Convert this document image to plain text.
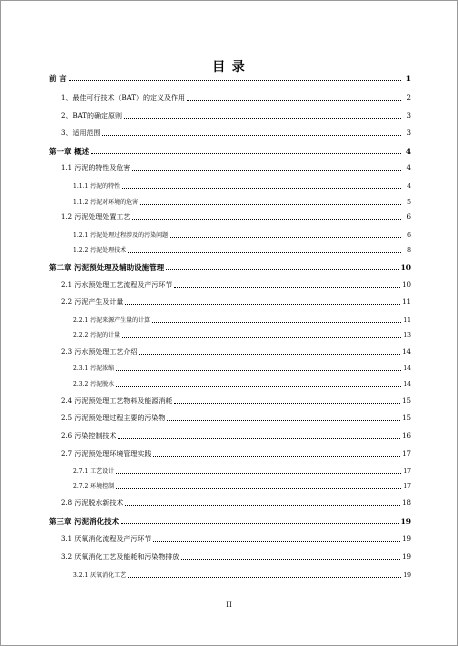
目 录
前 言	1
1、最佳可行技术（BAT）的定义及作用	2
2、BAT的确定原则	3
3、适用范围	3
第一章 概述	4
1.1 污泥的特性及危害	4
1.1.1 污泥的特性	4
1.1.2 污泥对环境的危害	5
1.2 污泥处理处置工艺	6
1.2.1 污泥处理过程涉及的污染问题	6
1.2.2 污泥处理技术	8
第二章 污泥预处理及辅助设施管理	10
2.1 污水预处理工艺流程及产污环节	10
2.2 污泥产生及计量	11
2.2.1 污泥来源产生量的计算	11
2.2.2 污泥的计量	13
2.3 污水预处理工艺介绍	14
2.3.1 污泥浓缩	14
2.3.2 污泥脱水	14
2.4 污泥预处理工艺物料及能源消耗	15
2.5 污泥预处理过程主要的污染物	15
2.6 污染控制技术	16
2.7 污泥预处理环境管理实践	17
2.7.1 工艺设计	17
2.7.2 环境控制	17
2.8 污泥脱水新技术	18
第三章 污泥消化技术	19
3.1 厌氧消化流程及产污环节	19
3.2 厌氧消化工艺及能耗和污染物排放	19
3.2.1 厌氧消化工艺	19
II
